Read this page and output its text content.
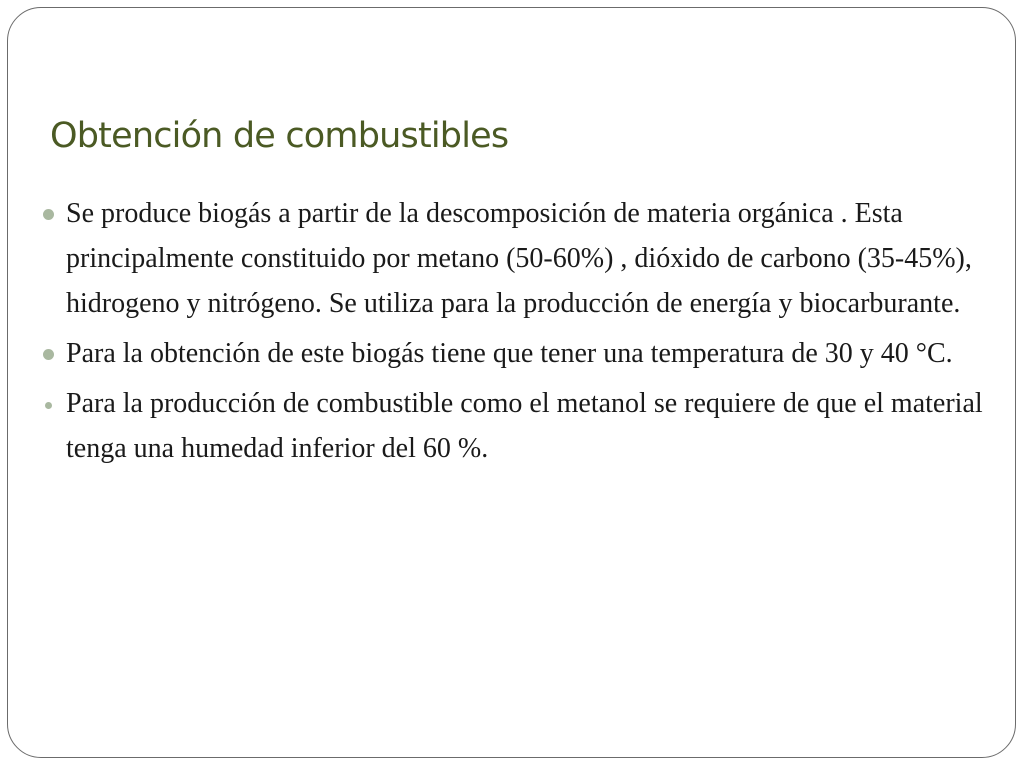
Obtención de combustibles
Se produce biogás a partir de la descomposición de materia orgánica . Esta principalmente constituido por metano (50-60%) , dióxido de carbono (35-45%), hidrogeno y nitrógeno. Se utiliza para la producción de energía y biocarburante.
Para la obtención de este biogás tiene que tener una temperatura de 30 y 40 °C.
Para la producción de combustible como el metanol se requiere de que el material tenga una humedad inferior del 60 %.
